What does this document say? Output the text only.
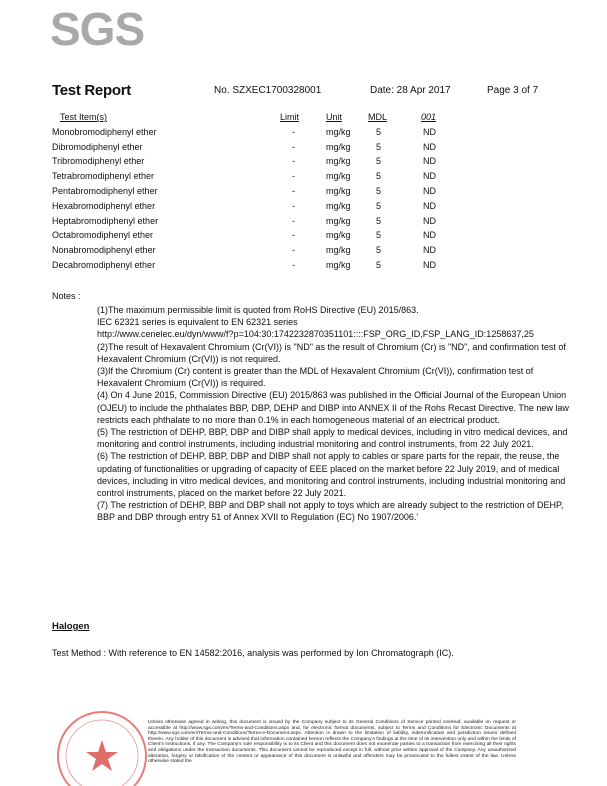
SGS
Test Report	No. SZXEC1700328001	Date: 28 Apr 2017	Page 3 of 7
Test Item(s)	Limit	Unit	MDL	001
Monobromodiphenyl ether	-	mg/kg	5	ND
Dibromodiphenyl ether	-	mg/kg	5	ND
Tribromodiphenyl ether	-	mg/kg	5	ND
Tetrabromodiphenyl ether	-	mg/kg	5	ND
Pentabromodiphenyl ether	-	mg/kg	5	ND
Hexabromodiphenyl ether	-	mg/kg	5	ND
Heptabromodiphenyl ether	-	mg/kg	5	ND
Octabromodiphenyl ether	-	mg/kg	5	ND
Nonabromodiphenyl ether	-	mg/kg	5	ND
Decabromodiphenyl ether	-	mg/kg	5	ND
Notes :

(1)The maximum permissible limit is quoted from RoHS Directive (EU) 2015/863.

IEC 62321 series is equivalent to EN 62321 series

http://www.cenelec.eu/dyn/www/f?p=104:30:1742232870351101::::FSP_ORG_ID,FSP_LANG_ID:1258637,25

(2)The result of Hexavalent Chromium (Cr(VI)) is "ND" as the result of Chromium (Cr) is "ND", and confirmation test of Hexavalent Chromium (Cr(VI)) is not required.

(3)If the Chromium (Cr) content is greater than the MDL of Hexavalent Chromium (Cr(VI)), confirmation test of Hexavalent Chromium (Cr(VI)) is required.

(4) On 4 June 2015, Commission Directive (EU) 2015/863 was published in the Official Journal of the European Union (OJEU) to include the phthalates BBP, DBP, DEHP and DIBP into ANNEX II of the Rohs Recast Directive. The new law restricts each phthalate to no more than 0.1% in each homogeneous material of an electrical product.

(5) The restriction of DEHP, BBP, DBP and DIBP shall apply to medical devices, including in vitro medical devices, and monitoring and control instruments, including industrial monitoring and control instruments, from 22 July 2021.

(6) The restriction of DEHP, BBP, DBP and DIBP shall not apply to cables or spare parts for the repair, the reuse, the updating of functionalities or upgrading of capacity of EEE placed on the market before 22 July 2019, and of medical devices, including in vitro medical devices, and monitoring and control instruments, including industrial monitoring and control instruments, placed on the market before 22 July 2021.

(7) The restriction of DEHP, BBP and DBP shall not apply to toys which are already subject to the restriction of DEHP, BBP and DBP through entry 51 of Annex XVII to Regulation (EC) No 1907/2006.'

Halogen
Test Method : With reference to EN 14582:2016, analysis was performed by Ion Chromatograph (IC).
Unless otherwise agreed in writing, this document is issued by the Company subject to its General Conditions of Service printed overleaf, available on request or accessible at http://www.sgs.com/en/Terms-and-Conditions.aspx and, for electronic format documents, subject to Terms and Conditions for Electronic Documents at http://www.sgs.com/en/Terms-and-Conditions/Terms-e-Document.aspx. Attention is drawn to the limitation of liability, indemnification and jurisdiction issues defined therein. Any holder of this document is advised that information contained hereon reflects the Company's findings at the time of its intervention only and within the limits of Client's instructions, if any. The Company's sole responsibility is to its Client and this document does not exonerate parties to a transaction from exercising all their rights and obligations under the transaction documents. This document cannot be reproduced except in full, without prior written approval of the Company. Any unauthorized alteration, forgery or falsification of the content or appearance of this document is unlawful and offenders may be prosecuted to the fullest extent of the law. Unless otherwise stated the
